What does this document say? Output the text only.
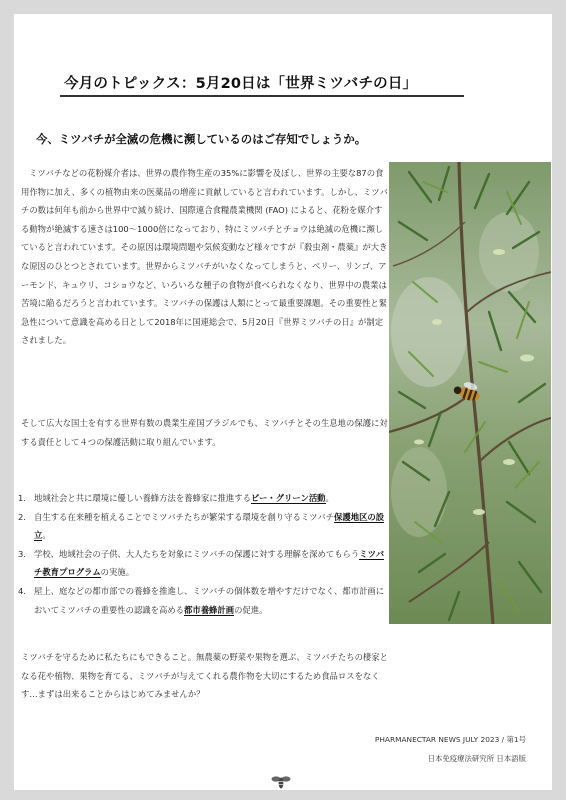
今月のトピックス：5月20日は「世界ミツバチの日」
今、ミツバチが全滅の危機に瀕しているのはご存知でしょうか。
ミツバチなどの花粉媒介者は、世界の農作物生産の35%に影響を及ぼし、世界の主要な87の食用作物に加え、多くの植物由来の医薬品の増産に貢献していると言われています。しかし、ミツバチの数は何年も前から世界中で減り続け、国際連合食糧農業機関 (FAO) によると、花粉を媒介する動物が絶滅する速さは100～1000倍になっており、特にミツバチとチョウは絶滅の危機に瀕していると言われています。その原因は環境問題や気候変動など様々ですが『殺虫剤・農薬』が大きな原因のひとつとされています。世界からミツバチがいなくなってしまうと、ベリー、リンゴ、アーモンド、キュウリ、コショウなど、いろいろな種子の食物が食べられなくなり、世界中の農業は苦境に陥るだろうと言われています。ミツバチの保護は人類にとって最重要課題。その重要性と緊急性について意識を高める日として2018年に国連総会で、5月20日『世界ミツバチの日』が制定されました。
そして広大な国土を有する世界有数の農業生産国ブラジルでも、ミツバチとその生息地の保護に対する責任として４つの保護活動に取り組んでいます。
1. 地域社会と共に環境に優しい養蜂方法を養蜂家に推進するビー・グリーン活動。
2. 自生する在来種を植えることでミツバチたちが繁栄する環境を創り守るミツバチ保護地区の設立。
3. 学校、地域社会の子供、大人たちを対象にミツバチの保護に対する理解を深めてもらうミツバチ教育プログラムの実施。
4. 屋上、庭などの都市部での養蜂を推進し、ミツバチの個体数を増やすだけでなく、都市計画においてミツバチの重要性の認識を高める都市養蜂計画の促進。
ミツバチを守るために私たちにもできること。無農薬の野菜や果物を選ぶ、ミツバチたちの棲家となる花や植物、果物を育てる、ミツバチが与えてくれる農作物を大切にするため食品ロスをなくす…まずは出来ることからはじめてみませんか？
PHARMANECTAR NEWS JULY 2023 / 第1号
日本免疫療法研究所 日本語版
